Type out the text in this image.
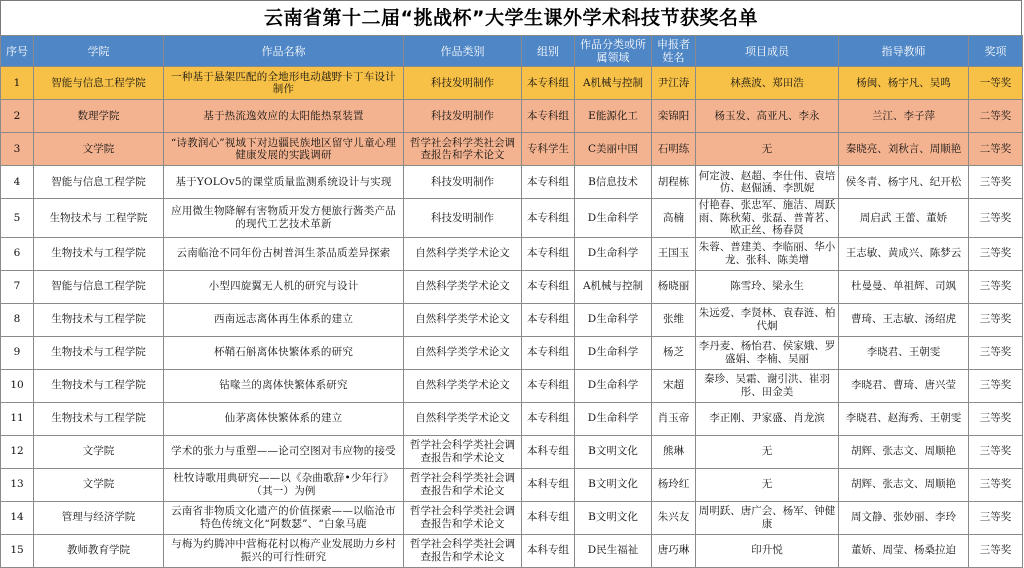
云南省第十二届“挑战杯”大学生课外学术科技节获奖名单
序号	学院	作品名称	作品类别	组别	作品分类或所属领域	申报者姓名	项目成员	指导教师	奖项
1	智能与信息工程学院	一种基于悬架匹配的全地形电动越野卡丁车设计制作	科技发明制作	本专科组	A机械与控制	尹江涛	林燕波、郑田浩	杨闽、杨宇凡、吴鸣	一等奖
2	数理学院	基于热流逸效应的太阳能热泵装置	科技发明制作	本专科组	E能源化工	栾锦阳	杨玉发、高亚凡、李永	兰江、李子萍	二等奖
3	文学院	“诗教润心”视域下对边疆民族地区留守儿童心理健康发展的实践调研	哲学社会科学类社会调查报告和学术论文	专科学生	C美丽中国	石明练	无	秦晓亮、刘秋言、周顺艳	二等奖
4	智能与信息工程学院	基于YOLOv5的课堂质量监测系统设计与实现	科技发明制作	本专科组	B信息技术	胡程栋	何定波、赵超、李仕伟、袁培仿、赵倔涵、李凯妮	侯冬青、杨宇凡、纪开松	三等奖
5	生物技术与 工程学院	应用微生物降解有害物质开发方便旅行酱类产品的现代工艺技术革新	科技发明制作	本专科组	D生命科学	高楠	付艳春、张忠军、施洁、周跃雨、陈秋菊、张磊、普菁茗、欧正丝、杨春贤	周启武 王蕾、董娇	三等奖
6	生物技术与工程学院	云南临沧不同年份古树普洱生茶品质差异探索	自然科学类学术论文	本专科组	D生命科学	王国玉	朱蓉、普建美、李临丽、华小龙、张科、陈美增	王志敏、黄成兴、陈梦云	三等奖
7	智能与信息工程学院	小型四旋翼无人机的研究与设计	自然科学类学术论文	本专科组	A机械与控制	杨晓丽	陈雪玲、梁永生	杜曼曼、单祖辉、司飒	三等奖
8	生物技术与工程学院	西南远志离体再生体系的建立	自然科学类学术论文	本专科组	D生命科学	张维	朱远爱、李贤林、袁春涟、柏代炯	曹琦、王志敏、汤绍虎	三等奖
9	生物技术与工程学院	杯鞘石斛离体快繁体系的研究	自然科学类学术论文	本专科组	D生命科学	杨芝	李丹麦、杨怡君、侯家娥、罗盛娟、李楠、吴丽	李晓君、王朝雯	三等奖
10	生物技术与工程学院	钻喙兰的离体快繁体系研究	自然科学类学术论文	本专科组	D生命科学	宋超	秦珍、吴霜、谢引洪、崔羽彤、田金美	李晓君、曹琦、唐兴莹	三等奖
11	生物技术与工程学院	仙茅离体快繁体系的建立	自然科学类学术论文	本专科组	D生命科学	肖玉帝	李正刚、尹家盛、肖龙滨	李晓君、赵海秀、王朝雯	三等奖
12	文学院	学术的张力与重塑——论司空图对韦应物的接受	哲学社会科学类社会调查报告和学术论文	本科专组	B文明文化	熊琳	无	胡辉、张志文、周顺艳	三等奖
13	文学院	杜牧诗歌用典研究——以《杂曲歌辞•少年行》（其一）为例	哲学社会科学类社会调查报告和学术论文	本科专组	B文明文化	杨玲红	无	胡辉、张志文、周顺艳	三等奖
14	管理与经济学院	云南省非物质文化遗产的价值探索——以临沧市特色传统文化“阿数瑟”、“白象马鹿	哲学社会科学类社会调查报告和学术论文	本科专组	B文明文化	朱兴友	周明跃、唐广会、杨军、钟健康	周文静、张妙丽、李玲	三等奖
15	教师教育学院	与梅为约腾冲中营梅花村以梅产业发展助力乡村振兴的可行性研究	哲学社会科学类社会调查报告和学术论文	本科专组	D民生福祉	唐巧琳	印升悦	董娇、周莹、杨桑拉迫	三等奖
